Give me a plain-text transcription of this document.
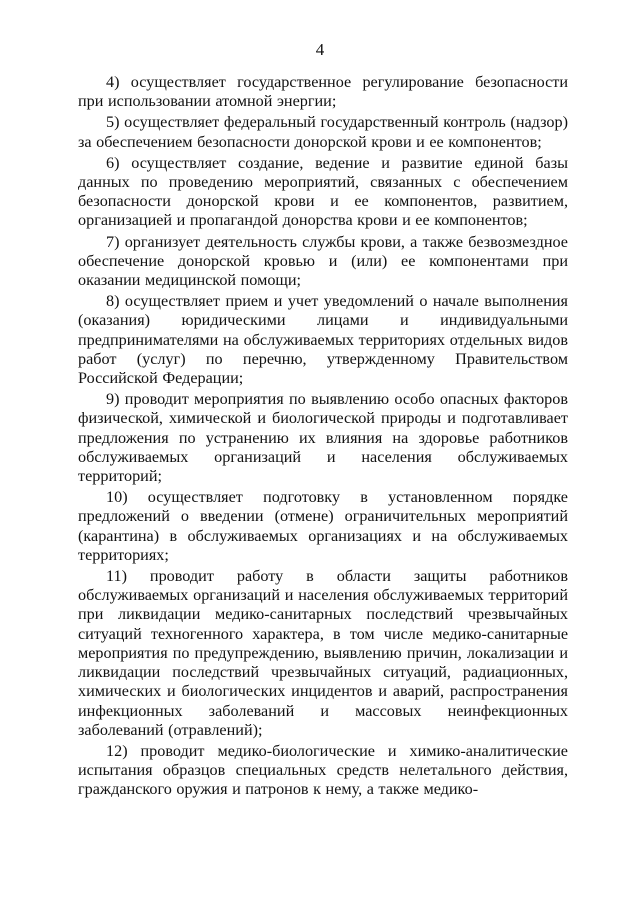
4

4) осуществляет государственное регулирование безопасности при использовании атомной энергии;

5) осуществляет федеральный государственный контроль (надзор) за обеспечением безопасности донорской крови и ее компонентов;

6) осуществляет создание, ведение и развитие единой базы данных по проведению мероприятий, связанных с обеспечением безопасности донорской крови и ее компонентов, развитием, организацией и пропагандой донорства крови и ее компонентов;

7) организует деятельность службы крови, а также безвозмездное обеспечение донорской кровью и (или) ее компонентами при оказании медицинской помощи;

8) осуществляет прием и учет уведомлений о начале выполнения (оказания) юридическими лицами и индивидуальными предпринимателями на обслуживаемых территориях отдельных видов работ (услуг) по перечню, утвержденному Правительством Российской Федерации;

9) проводит мероприятия по выявлению особо опасных факторов физической, химической и биологической природы и подготавливает предложения по устранению их влияния на здоровье работников обслуживаемых организаций и населения обслуживаемых территорий;

10) осуществляет подготовку в установленном порядке предложений о введении (отмене) ограничительных мероприятий (карантина) в обслуживаемых организациях и на обслуживаемых территориях;

11) проводит работу в области защиты работников обслуживаемых организаций и населения обслуживаемых территорий при ликвидации медико-санитарных последствий чрезвычайных ситуаций техногенного характера, в том числе медико-санитарные мероприятия по предупреждению, выявлению причин, локализации и ликвидации последствий чрезвычайных ситуаций, радиационных, химических и биологических инцидентов и аварий, распространения инфекционных заболеваний и массовых неинфекционных заболеваний (отравлений);

12) проводит медико-биологические и химико-аналитические испытания образцов специальных средств нелетального действия, гражданского оружия и патронов к нему, а также медико-
